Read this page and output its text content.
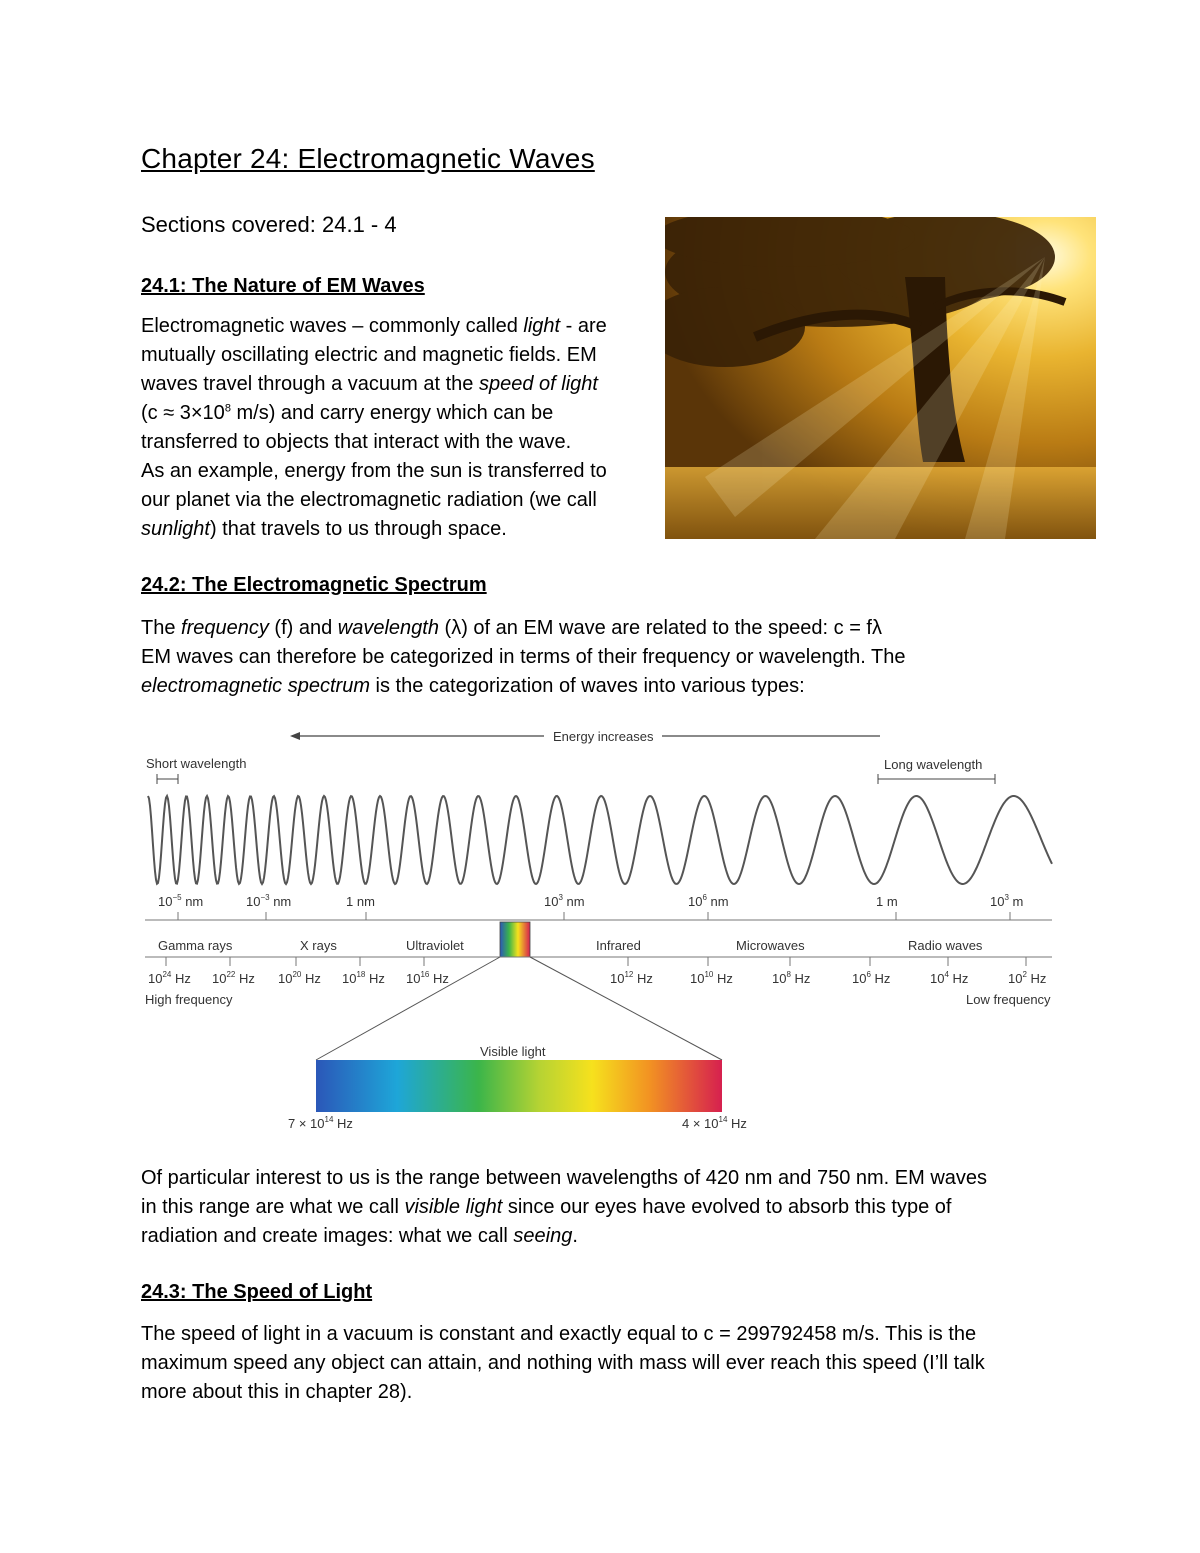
Chapter 24: Electromagnetic Waves
Sections covered: 24.1 - 4
24.1: The Nature of EM Waves

Electromagnetic waves – commonly called light - are

mutually oscillating electric and magnetic fields. EM

waves travel through a vacuum at the speed of light

($c \approx 3\times 10^8$ m/s) and carry energy which can be

transferred to objects that interact with the wave.

As an example, energy from the sun is transferred to

our planet via the electromagnetic radiation (we call

sunlight) that travels to us through space.

24.2: The Electromagnetic Spectrum

The frequency (f) and wavelength (λ) of an EM wave are related to the speed: c = fλ

EM waves can therefore be categorized in terms of their frequency or wavelength. The

electromagnetic spectrum is the categorization of waves into various types:

Energy increases
Short wavelength	Long wavelength
$10^{-5}$ nm	$10^{-3}$ nm	1 nm	$10^3$ nm	$10^6$ nm	1 m	$10^3$ m
Gamma rays	X rays	Ultraviolet	Infrared	Microwaves	Radio waves
$10^{24}$ Hz $10^{22}$ Hz $10^{20}$ Hz $10^{18}$ Hz $10^{16}$ Hz	$10^{12}$ Hz	$10^{10}$ Hz	$10^8$ Hz	$10^6$ Hz	$10^4$ Hz	$10^2$ Hz
High frequency	Low frequency
Visible light
$7 \times 10^{14}$ Hz	$4 \times 10^{14}$ Hz

Of particular interest to us is the range between wavelengths of 420 nm and 750 nm. EM waves

in this range are what we call visible light since our eyes have evolved to absorb this type of

radiation and create images: what we call seeing.

24.3: The Speed of Light

The speed of light in a vacuum is constant and exactly equal to c = 299792458 m/s. This is the

maximum speed any object can attain, and nothing with mass will ever reach this speed (I’ll talk

more about this in chapter 28).
